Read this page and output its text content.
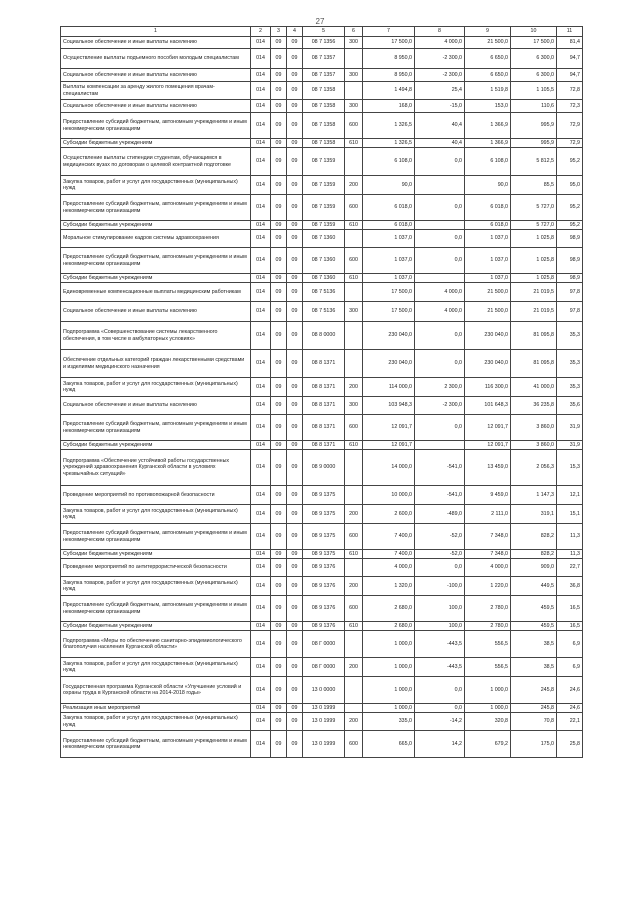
27
1	2	3	4	5	6	7	8	9	10	11
Социальное обеспечение и иные выплаты населению	014	09	09	08 7 1356	300	17 500,0	4 000,0	21 500,0	17 500,0	81,4
Осуществление выплаты подъемного пособия молодым специалистам	014	09	09	08 7 1357		8 950,0	-2 300,0	6 650,0	6 300,0	94,7
Социальное обеспечение и иные выплаты населению	014	09	09	08 7 1357	300	8 950,0	-2 300,0	6 650,0	6 300,0	94,7
Выплаты компенсации за аренду жилого помещения врачам-специалистам	014	09	09	08 7 1358		1 494,8	25,4	1 519,8	1 105,5	72,8
Социальное обеспечение и иные выплаты населению	014	09	09	08 7 1358	300	168,0	-15,0	153,0	110,6	72,3
Предоставление субсидий бюджетным, автономным учреждениям и иным некоммерческим организациям	014	09	09	08 7 1358	600	1 326,5	40,4	1 366,9	995,9	72,9
Субсидии бюджетным учреждениям	014	09	09	08 7 1358	610	1 326,5	40,4	1 366,9	995,9	72,9
Осуществление выплаты стипендии студентам, обучающимся в медицинских вузах по договорам о целевой контрактной подготовке	014	09	09	08 7 1359		6 108,0	0,0	6 108,0	5 812,5	95,2
Закупка товаров, работ и услуг для государственных (муниципальных) нужд	014	09	09	08 7 1359	200	90,0		90,0	85,5	95,0
Предоставление субсидий бюджетным, автономным учреждениям и иным некоммерческим организациям	014	09	09	08 7 1359	600	6 018,0	0,0	6 018,0	5 727,0	95,2
Субсидии бюджетным учреждениям	014	09	09	08 7 1359	610	6 018,0		6 018,0	5 727,0	95,2
Моральное стимулирование кадров системы здравоохранения	014	09	09	08 7 1360		1 037,0	0,0	1 037,0	1 025,8	98,9
Предоставление субсидий бюджетным, автономным учреждениям и иным некоммерческим организациям	014	09	09	08 7 1360	600	1 037,0	0,0	1 037,0	1 025,8	98,9
Субсидии бюджетным учреждениям	014	09	09	08 7 1360	610	1 037,0		1 037,0	1 025,8	98,9
Единовременные компенсационные выплаты медицинским работникам	014	09	09	08 7 5136		17 500,0	4 000,0	21 500,0	21 019,5	97,8
Социальное обеспечение и иные выплаты населению	014	09	09	08 7 5136	300	17 500,0	4 000,0	21 500,0	21 019,5	97,8
Подпрограмма «Совершенствование системы лекарственного обеспечения, в том числе в амбулаторных условиях»	014	09	09	08 8 0000		230 040,0	0,0	230 040,0	81 095,8	35,3
Обеспечение отдельных категорий граждан лекарственными средствами и изделиями медицинского назначения	014	09	09	08 8 1371		230 040,0	0,0	230 040,0	81 095,8	35,3
Закупка товаров, работ и услуг для государственных (муниципальных) нужд	014	09	09	08 8 1371	200	114 000,0	2 300,0	116 300,0	41 000,0	35,3
Социальное обеспечение и иные выплаты населению	014	09	09	08 8 1371	300	103 948,3	-2 300,0	101 648,3	36 235,8	35,6
Предоставление субсидий бюджетным, автономным учреждениям и иным некоммерческим организациям	014	09	09	08 8 1371	600	12 091,7	0,0	12 091,7	3 860,0	31,9
Субсидии бюджетным учреждениям	014	09	09	08 8 1371	610	12 091,7		12 091,7	3 860,0	31,9
Подпрограмма «Обеспечение устойчивой работы государственных учреждений здравоохранения Курганской области в условиях чрезвычайных ситуаций»	014	09	09	08 9 0000		14 000,0	-541,0	13 459,0	2 056,3	15,3
Проведение мероприятий по противопожарной безопасности	014	09	09	08 9 1375		10 000,0	-541,0	9 459,0	1 147,3	12,1
Закупка товаров, работ и услуг для государственных (муниципальных) нужд	014	09	09	08 9 1375	200	2 600,0	-489,0	2 111,0	319,1	15,1
Предоставление субсидий бюджетным, автономным учреждениям и иным некоммерческим организациям	014	09	09	08 9 1375	600	7 400,0	-52,0	7 348,0	828,2	11,3
Субсидии бюджетным учреждениям	014	09	09	08 9 1375	610	7 400,0	-52,0	7 348,0	828,2	11,3
Проведение мероприятий по антитеррористической безопасности	014	09	09	08 9 1376		4 000,0	0,0	4 000,0	909,0	22,7
Закупка товаров, работ и услуг для государственных (муниципальных) нужд	014	09	09	08 9 1376	200	1 320,0	-100,0	1 220,0	449,5	36,8
Предоставление субсидий бюджетным, автономным учреждениям и иным некоммерческим организациям	014	09	09	08 9 1376	600	2 680,0	100,0	2 780,0	459,5	16,5
Субсидии бюджетным учреждениям	014	09	09	08 9 1376	610	2 680,0	100,0	2 780,0	459,5	16,5
Подпрограмма «Меры по обеспечению санитарно-эпидемиологического благополучия населения Курганской области»	014	09	09	08 Г 0000		1 000,0	-443,5	556,5	38,5	6,9
Закупка товаров, работ и услуг для государственных (муниципальных) нужд	014	09	09	08 Г 0000	200	1 000,0	-443,5	556,5	38,5	6,9
Государственная программа Курганской области «Улучшение условий и охраны труда в Курганской области на 2014-2018 годы»	014	09	09	13 0 0000		1 000,0	0,0	1 000,0	245,8	24,6
Реализация иных мероприятий	014	09	09	13 0 1999		1 000,0	0,0	1 000,0	245,8	24,6
Закупка товаров, работ и услуг для государственных (муниципальных) нужд	014	09	09	13 0 1999	200	335,0	-14,2	320,8	70,8	22,1
Предоставление субсидий бюджетным, автономным учреждениям и иным некоммерческим организациям	014	09	09	13 0 1999	600	665,0	14,2	679,2	175,0	25,8
